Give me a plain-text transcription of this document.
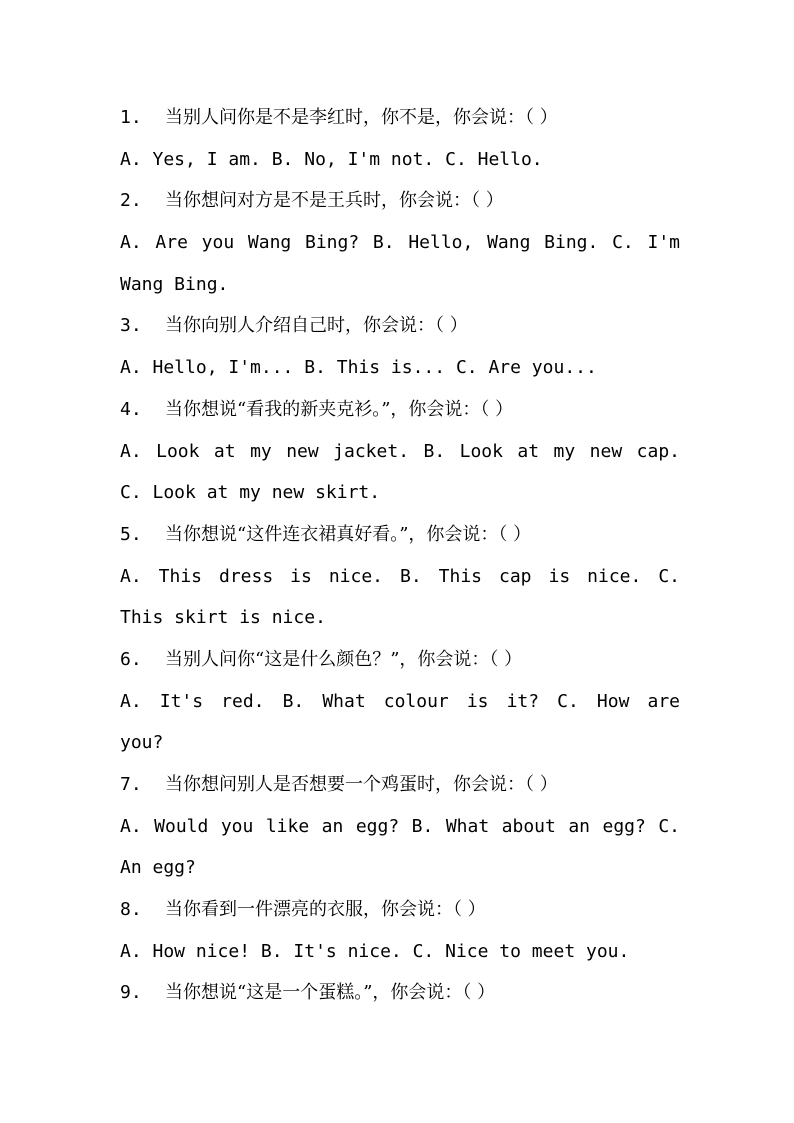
1. 当别人问你是不是李红时，你不是，你会说：（ ）
A. Yes, I am. B. No, I'm not. C. Hello.
2. 当你想问对方是不是王兵时，你会说：（ ）
A. Are you Wang Bing? B. Hello, Wang Bing. C. I'm
Wang Bing.
3. 当你向别人介绍自己时，你会说：（ ）
A. Hello, I'm... B. This is... C. Are you...
4. 当你想说“看我的新夹克衫。”，你会说：（ ）
A. Look at my new jacket. B. Look at my new cap.
C. Look at my new skirt.
5. 当你想说“这件连衣裙真好看。”，你会说：（ ）
A. This dress is nice. B. This cap is nice. C.
This skirt is nice.
6. 当别人问你“这是什么颜色？”，你会说：（ ）
A. It's red. B. What colour is it? C. How are
you?
7. 当你想问别人是否想要一个鸡蛋时，你会说：（ ）
A. Would you like an egg? B. What about an egg? C.
An egg?
8. 当你看到一件漂亮的衣服，你会说：（ ）
A. How nice! B. It's nice. C. Nice to meet you.
9. 当你想说“这是一个蛋糕。”，你会说：（ ）
